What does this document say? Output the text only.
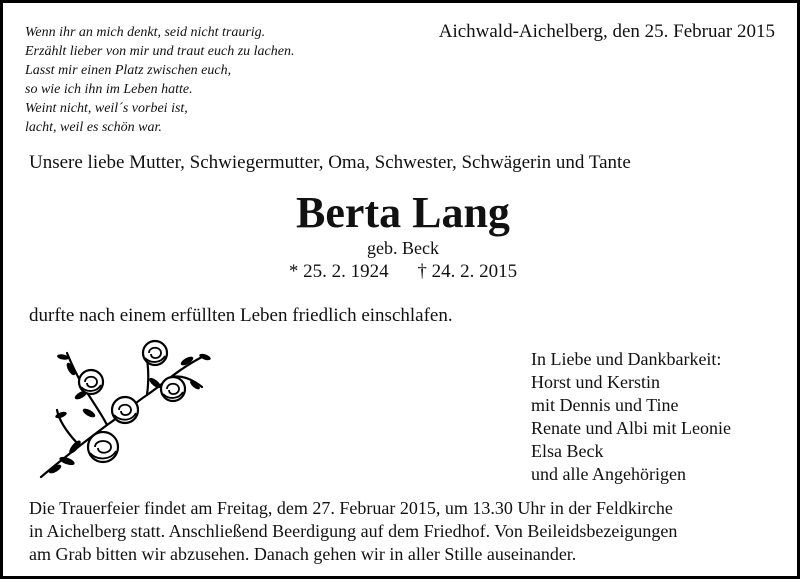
Wenn ihr an mich denkt, seid nicht traurig.
Erzählt lieber von mir und traut euch zu lachen.
Lasst mir einen Platz zwischen euch,
so wie ich ihn im Leben hatte.
Weint nicht, weil´s vorbei ist,
lacht, weil es schön war.
Aichwald-Aichelberg, den 25. Februar 2015
Unsere liebe Mutter, Schwiegermutter, Oma, Schwester, Schwägerin und Tante
Berta Lang
geb. Beck
* 25. 2. 1924 † 24. 2. 2015
durfte nach einem erfüllten Leben friedlich einschlafen.
In Liebe und Dankbarkeit:
Horst und Kerstin
mit Dennis und Tine
Renate und Albi mit Leonie
Elsa Beck
und alle Angehörigen
Die Trauerfeier findet am Freitag, dem 27. Februar 2015, um 13.30 Uhr in der Feldkirche
in Aichelberg statt. Anschließend Beerdigung auf dem Friedhof. Von Beileidsbezeigungen
am Grab bitten wir abzusehen. Danach gehen wir in aller Stille auseinander.
